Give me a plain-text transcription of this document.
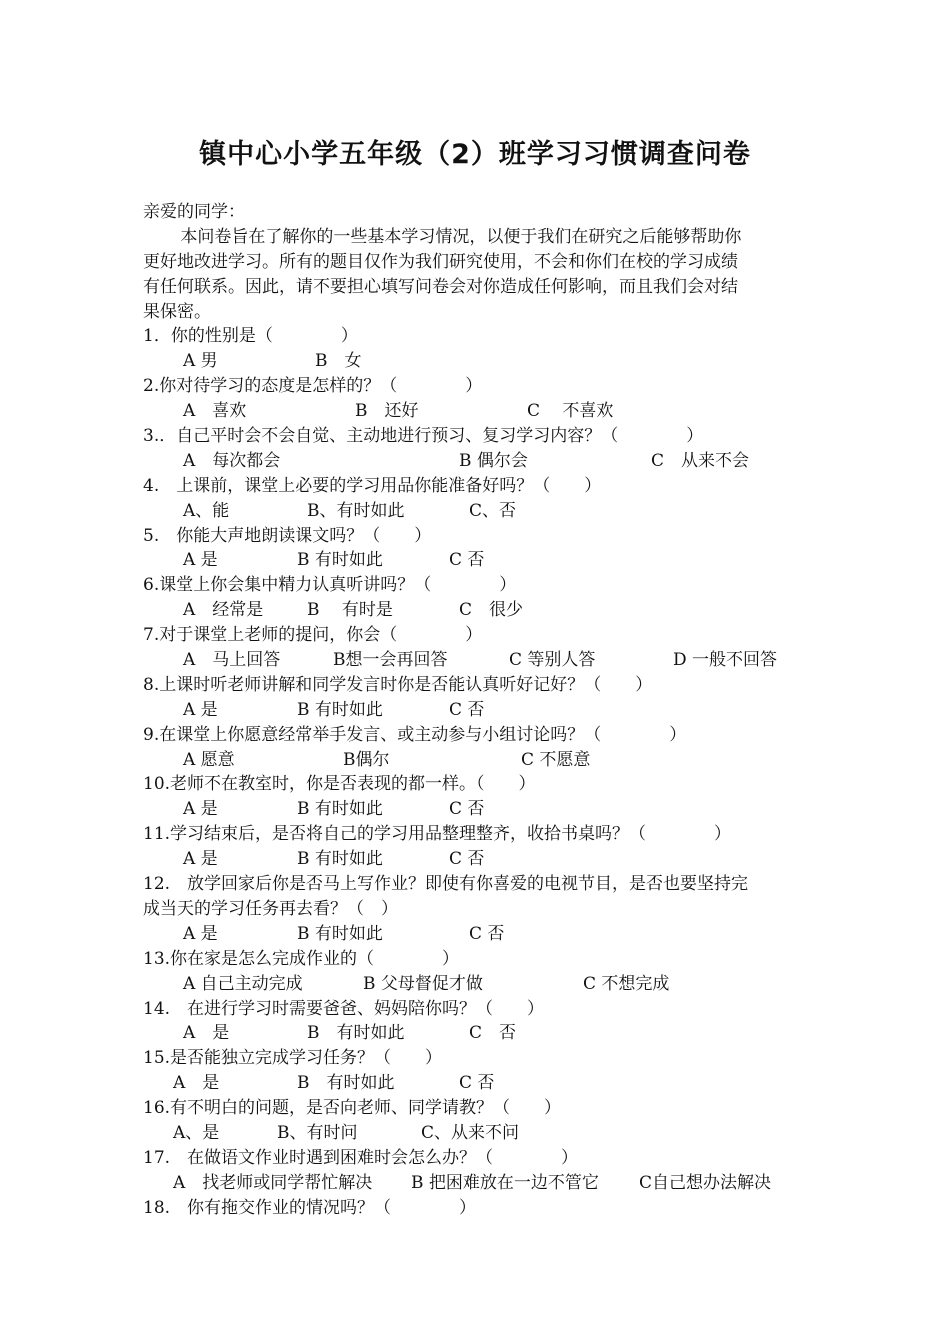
镇中心小学五年级（2）班学习习惯调查问卷
亲爱的同学：
本问卷旨在了解你的一些基本学习情况，以便于我们在研究之后能够帮助你
更好地改进学习。所有的题目仅作为我们研究使用，不会和你们在校的学习成绩
有任何联系。因此，请不要担心填写问卷会对你造成任何影响，而且我们会对结
果保密。
1．你的性别是（　　　　）
A 男	B　女
2.你对待学习的态度是怎样的？（　　　　）
A　喜欢	B　还好	C　 不喜欢
3.．自己平时会不会自觉、主动地进行预习、复习学习内容？（　　　　）
A　每次都会	B 偶尔会	C　从来不会
4.　上课前，课堂上必要的学习用品你能准备好吗？（　　）
A、能	B、有时如此	C、否
5.　你能大声地朗读课文吗？（　　）
A 是	B 有时如此	C 否
6.课堂上你会集中精力认真听讲吗？（　　　　）
A　经常是	B　 有时是	C　很少
7.对于课堂上老师的提问，你会（　　　　）
A　马上回答	B想一会再回答	C 等别人答	D 一般不回答
8.上课时听老师讲解和同学发言时你是否能认真听好记好？（　　）
A 是	B 有时如此	C 否
9.在课堂上你愿意经常举手发言、或主动参与小组讨论吗？（　　　　）
A 愿意	B偶尔	C 不愿意
10.老师不在教室时，你是否表现的都一样。（　　）
A 是	B 有时如此	C 否
11.学习结束后，是否将自己的学习用品整理整齐，收拾书桌吗？（　　　　）
A 是	B 有时如此	C 否
12.　放学回家后你是否马上写作业？即使有你喜爱的电视节目，是否也要坚持完
成当天的学习任务再去看？（　）
A 是	B 有时如此	C 否
13.你在家是怎么完成作业的（　　　　）
A 自己主动完成	B 父母督促才做	C 不想完成
14.　在进行学习时需要爸爸、妈妈陪你吗？（　　）
A　是	B　有时如此	C　否
15.是否能独立完成学习任务？（　　）
A　是	B　有时如此	C 否
16.有不明白的问题，是否向老师、同学请教？（　　）
A、是	B、有时问	C、从来不问
17.　在做语文作业时遇到困难时会怎么办？（　　　　）
A　找老师或同学帮忙解决 B 把困难放在一边不管它 C自己想办法解决
18.　你有拖交作业的情况吗？（　　　　）
